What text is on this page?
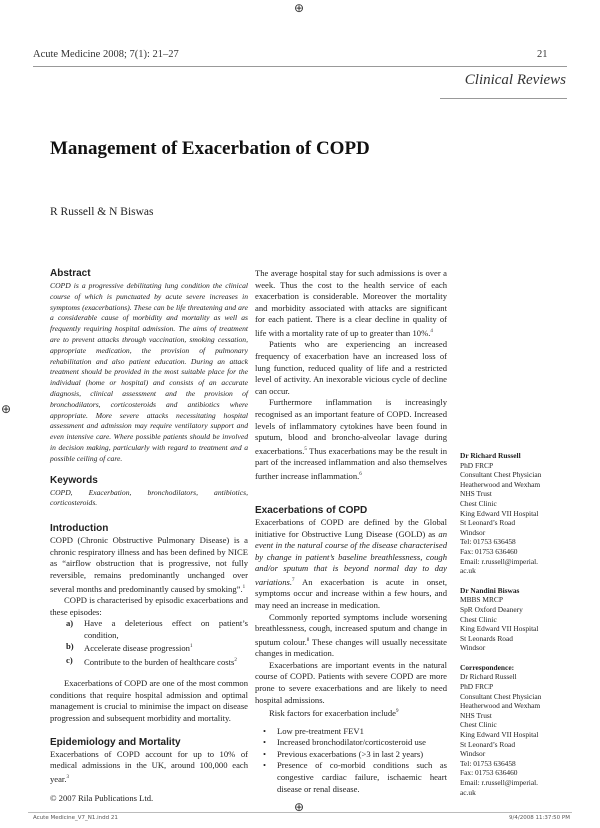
⊕
⊕
⊕
Acute Medicine 2008; 7(1): 21–27	21
Clinical Reviews
Management of Exacerbation of COPD
R Russell & N Biswas
Abstract
COPD is a progressive debilitating lung condition the clinical course of which is punctuated by acute severe increases in symptoms (exacerbations). These can be life threatening and are a considerable cause of morbidity and mortality as well as frequently requiring hospital admission. The aims of treatment are to prevent attacks through vaccination, smoking cessation, appropriate medication, the provision of pulmonary rehabilitation and also patient education. During an attack treatment should be provided in the most suitable place for the individual (home or hospital) and consists of an accurate diagnosis, clinical assessment and the provision of bronchodilators, corticosteroids and antibiotics where appropriate. More severe attacks necessitating hospital assessment and admission may require ventilatory support and even intensive care. Where possible patients should be involved in decision making, particularly with regard to treatment and a possible ceiling of care.
Keywords
COPD, Exacerbation, bronchodilators, antibiotics, corticosteroids.
Introduction

COPD (Chronic Obstructive Pulmonary Disease) is a chronic respiratory illness and has been defined by NICE as “airflow obstruction that is progressive, not fully reversible, remains predominantly unchanged over several months and predominantly caused by smoking”.$^1$

COPD is characterised by episodic exacerbations and these episodes:

a)	Have a deleterious effect on patient’s condition,
b) Accelerate disease progression$^1$
c)	Contribute to the burden of healthcare costs$^2$

Exacerbations of COPD are one of the most common conditions that require hospital admission and optimal management is crucial to minimise the impact on disease progression and subsequent morbidity and mortality.

Epidemiology and Mortality
Exacerbations of COPD account for up to 10% of medical admissions in the UK, around 100,000 each year.$^3$
© 2007 Rila Publications Ltd.

The average hospital stay for such admissions is over a week. Thus the cost to the health service of each exacerbation is considerable. Moreover the mortality and morbidity associated with attacks are significant for each patient. There is a clear decline in quality of life with a mortality rate of up to greater than 10%.$^4$

Patients who are experiencing an increased frequency of exacerbation have an increased loss of lung function, reduced quality of life and a restricted level of activity. An inexorable vicious cycle of decline can occur.

Furthermore inflammation is increasingly recognised as an important feature of COPD. Increased levels of inflammatory cytokines have been found in sputum, blood and broncho-alveolar lavage during exacerbations.$^5$ Thus exacerbations may be the result in part of the increased inflammation and also themselves further increase inflammation.$^6$

Exacerbations of COPD

Exacerbations of COPD are defined by the Global initiative for Obstructive Lung Disease (GOLD) as an event in the natural course of the disease characterised by change in patient’s baseline breathlessness, cough and/or sputum that is beyond normal day to day variations.$^7$ An exacerbation is acute in onset, symptoms occur and increase within a few hours, and may need an increase in medication.

Commonly reported symptoms include worsening breathlessness, cough, increased sputum and change in sputum colour.$^8$ These changes will usually necessitate changes in medication.

Exacerbations are important events in the natural course of COPD. Patients with severe COPD are more prone to severe exacerbations and are likely to need hospital admissions.

Risk factors for exacerbation include$^9$

• Low pre-treatment FEV1
• Increased bronchodilator/corticosteroid use
• Previous exacerbations (>3 in last 2 years)
• Presence of co-morbid conditions such as congestive cardiac failure, ischaemic heart disease or renal disease.
Dr Richard Russell
PhD FRCP
Consultant Chest Physician
Heatherwood and Wexham
NHS Trust
Chest Clinic
King Edward VII Hospital
St Leonard’s Road
Windsor
Tel: 01753 636458
Fax: 01753 636460
Email: r.russell@imperial.
ac.uk
Dr Nandini Biswas
MBBS MRCP
SpR Oxford Deanery
Chest Clinic
King Edward VII Hospital
St Leonards Road
Windsor
Correspondence:
Dr Richard Russell
PhD FRCP
Consultant Chest Physician
Heatherwood and Wexham
NHS Trust
Chest Clinic
King Edward VII Hospital
St Leonard’s Road
Windsor
Tel: 01753 636458
Fax: 01753 636460
Email: r.russell@imperial.
ac.uk
Acute Medicine_V7_N1.indd 21	9/4/2008 11:37:50 PM
